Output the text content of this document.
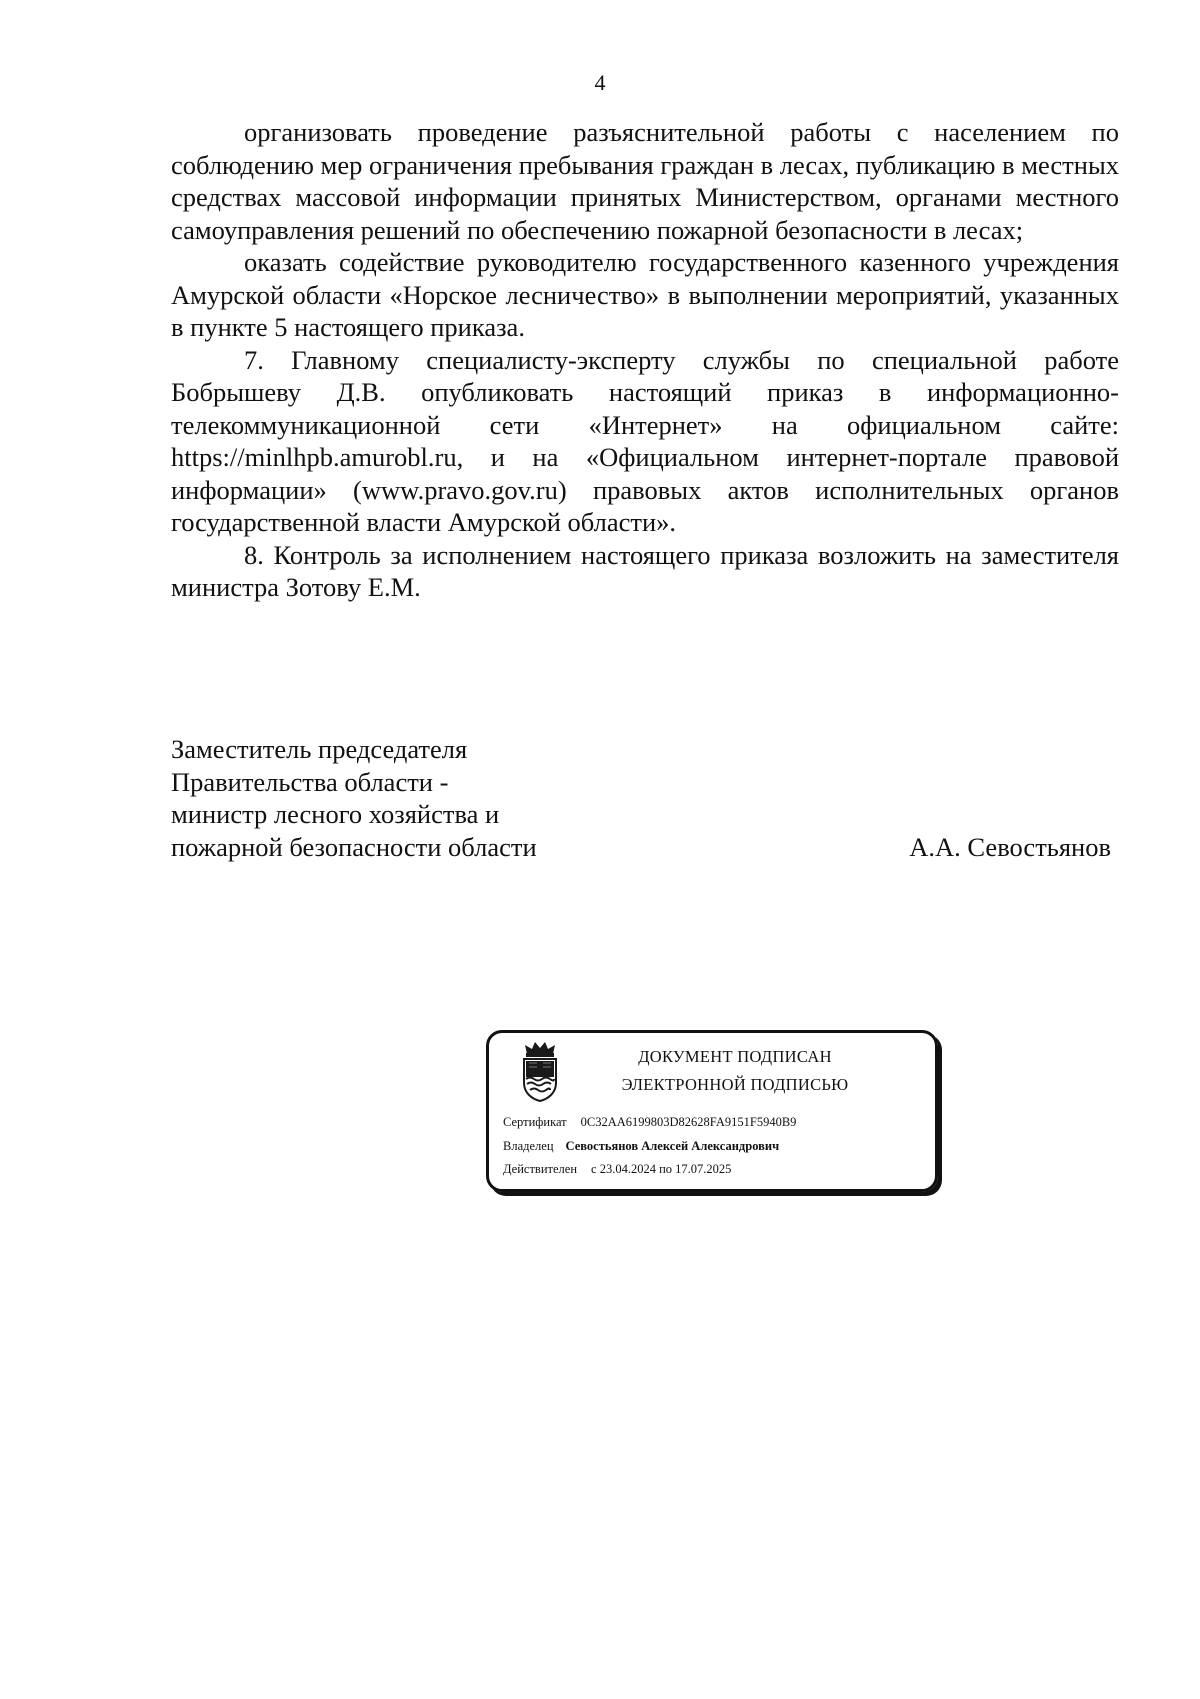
4

организовать проведение разъяснительной работы с населением по соблюдению мер ограничения пребывания граждан в лесах, публикацию в местных средствах массовой информации принятых Министерством, органами местного самоуправления решений по обеспечению пожарной безопасности в лесах;

оказать содействие руководителю государственного казенного учреждения Амурской области «Норское лесничество» в выполнении мероприятий, указанных в пункте 5 настоящего приказа.

7. Главному специалисту-эксперту службы по специальной работе Бобрышеву Д.В. опубликовать настоящий приказ в информационно-телекоммуникационной сети «Интернет» на официальном сайте: https://minlhpb.amurobl.ru, и на «Официальном интернет-портале правовой информации» (www.pravo.gov.ru) правовых актов исполнительных органов государственной власти Амурской области».

8. Контроль за исполнением настоящего приказа возложить на заместителя министра Зотову Е.М.

Заместитель председателя
Правительства области -
министр лесного хозяйства и
пожарной безопасности области	А.А. Севостьянов
ДОКУМЕНТ ПОДПИСАН
ЭЛЕКТРОННОЙ ПОДПИСЬЮ
Сертификат 0C32AA6199803D82628FA9151F5940B9
Владелец Севостьянов Алексей Александрович
Действителен с 23.04.2024 по 17.07.2025
